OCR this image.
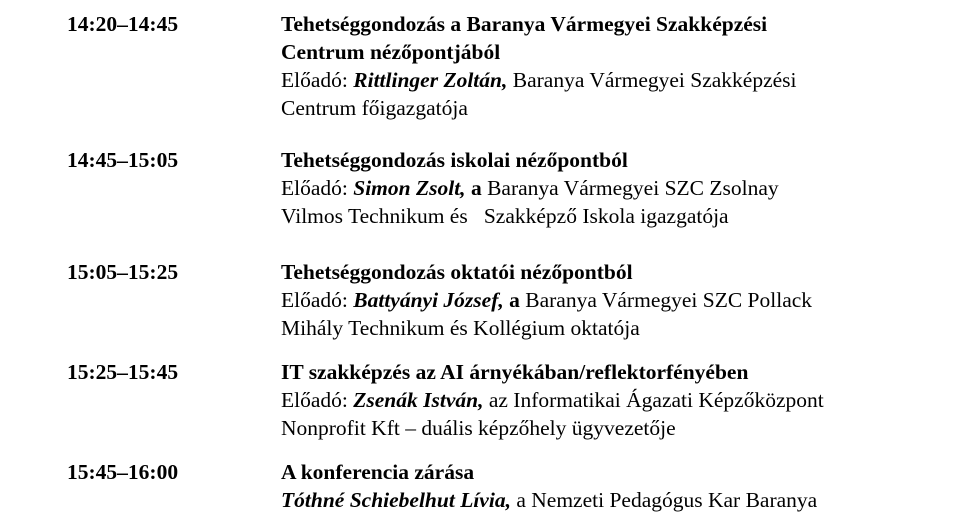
14:20–14:45	Tehetséggondozás a Baranya Vármegyei Szakképzési
Centrum nézőpontjából
Előadó: Rittlinger Zoltán, Baranya Vármegyei Szakképzési
Centrum főigazgatója
14:45–15:05	Tehetséggondozás iskolai nézőpontból
Előadó: Simon Zsolt, a Baranya Vármegyei SZC Zsolnay
Vilmos Technikum és   Szakképző Iskola igazgatója
15:05–15:25	Tehetséggondozás oktatói nézőpontból
Előadó: Battyányi József, a Baranya Vármegyei SZC Pollack
Mihály Technikum és Kollégium oktatója
15:25–15:45	IT szakképzés az AI árnyékában/reflektorfényében
Előadó: Zsenák István, az Informatikai Ágazati Képzőközpont
Nonprofit Kft – duális képzőhely ügyvezetője
15:45–16:00	A konferencia zárása
Tóthné Schiebelhut Lívia, a Nemzeti Pedagógus Kar Baranya
